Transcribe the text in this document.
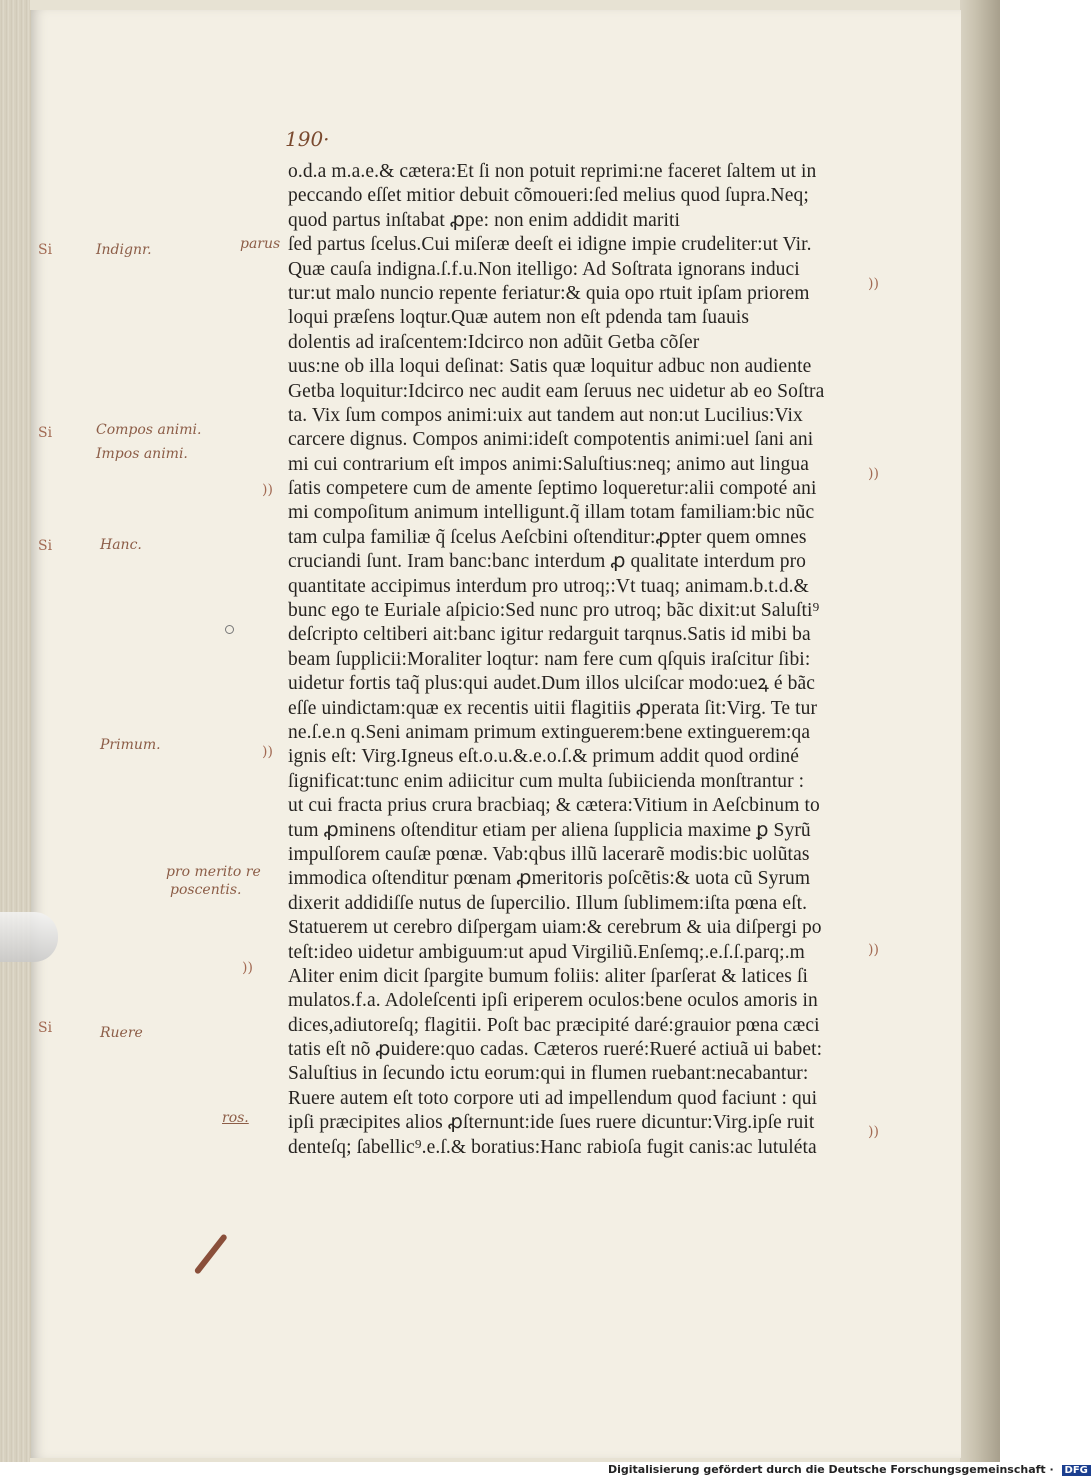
190·
o.d.a m.a.e.& cætera:Et ſi non potuit reprimi:ne faceret ſaltem ut in
peccando eſſet mitior debuit cõmoueri:ſed melius quod ſupra.Neq;
quod partus inſtabat ꝓpe: non enim addidit mariti
ſed partus ſcelus.Cui miſeræ deeſt ei idigne impie crudeliter:ut Vir.
Quæ cauſa indigna.ſ.f.u.Non itelligo: Ad Soſtrata ignorans induci
tur:ut malo nuncio repente feriatur:& quia opo rtuit ipſam priorem
loqui præſens loqtur.Quæ autem non eſt pdenda tam ſuauis
dolentis ad iraſcentem:Idcirco non adũit Getba cõſer
uus:ne ob illa loqui deſinat: Satis quæ loquitur adbuc non audiente
Getba loquitur:Idcirco nec audit eam ſeruus nec uidetur ab eo Soſtra
ta. Vix ſum compos animi:uix aut tandem aut non:ut Lucilius:Vix
carcere dignus. Compos animi:ideſt compotentis animi:uel ſani ani
mi cui contrarium eſt impos animi:Saluſtius:neq; animo aut lingua
ſatis competere cum de amente ſeptimo loqueretur:alii compoté ani
mi compoſitum animum intelligunt.q̃ illam totam familiam:bic nũc
tam culpa familiæ q̃ ſcelus Aeſcbini oſtenditur:ꝓpter quem omnes
cruciandi ſunt. Iram banc:banc interdum ꝓ qualitate interdum pro
quantitate accipimus interdum pro utroq;:Vt tuaq; animam.b.t.d.&
bunc ego te Euriale aſpicio:Sed nunc pro utroq; bãc dixit:ut Saluſti⁹
deſcripto celtiberi ait:banc igitur redarguit tarqnus.Satis id mibi ba
beam ſupplicii:Moraliter loqtur: nam fere cum qſquis iraſcitur ſibi:
uidetur fortis taq̃ plus:qui audet.Dum illos ulciſcar modo:ueꝝ é bãc
eſſe uindictam:quæ ex recentis uitii flagitiis ꝓperata ſit:Virg. Te tur
ne.ſ.e.n q.Seni animam primum extinguerem:bene extinguerem:qa
ignis eſt: Virg.Igneus eſt.o.u.&.e.o.ſ.& primum addit quod ordiné
ſignificat:tunc enim adiicitur cum multa ſubiicienda monſtrantur :
ut cui fracta prius crura bracbiaq; & cætera:Vitium in Aeſcbinum to
tum ꝓminens oſtenditur etiam per aliena ſupplicia maxime ꝑ Syrũ
impulſorem cauſæ pœnæ. Vab:qbus illũ lacerarẽ modis:bic uolũtas
immodica oſtenditur pœnam ꝓmeritoris poſcẽtis:& uota cũ Syrum
dixerit addidiſſe nutus de ſupercilio. Illum ſublimem:iſta pœna eſt.
Statuerem ut cerebro diſpergam uiam:& cerebrum & uia diſpergi po
teſt:ideo uidetur ambiguum:ut apud Virgiliũ.Enſemq;.e.ſ.ſ.parq;.m
Aliter enim dicit ſpargite bumum foliis: aliter ſparſerat & latices ſi
mulatos.f.a. Adoleſcenti ipſi eriperem oculos:bene oculos amoris in
dices,adiutoreſq; flagitii. Poſt bac præcipité daré:grauior pœna cæci
tatis eſt nõ ꝓuidere:quo cadas. Cæteros rueré:Rueré actiuã ui babet:
Saluſtius in ſecundo ictu eorum:qui in flumen ruebant:necabantur:
Ruere autem eſt toto corpore uti ad impellendum quod faciunt : qui
ipſi præcipites alios ꝓſternunt:ide ſues ruere dicuntur:Virg.ipſe ruit
denteſq; ſabellic⁹.e.ſ.& boratius:Hanc rabioſa fugit canis:ac lutuléta
Indignr.	parus
Compos animi.
Impos animi.
Hanc.
Primum.
pro merito re
poscentis.
Ruere
ros.
Si
Si
Si
Si
))
))
))
))
))
))
))
Digitalisierung gefördert durch die Deutsche Forschungsgemeinschaft · DFG
